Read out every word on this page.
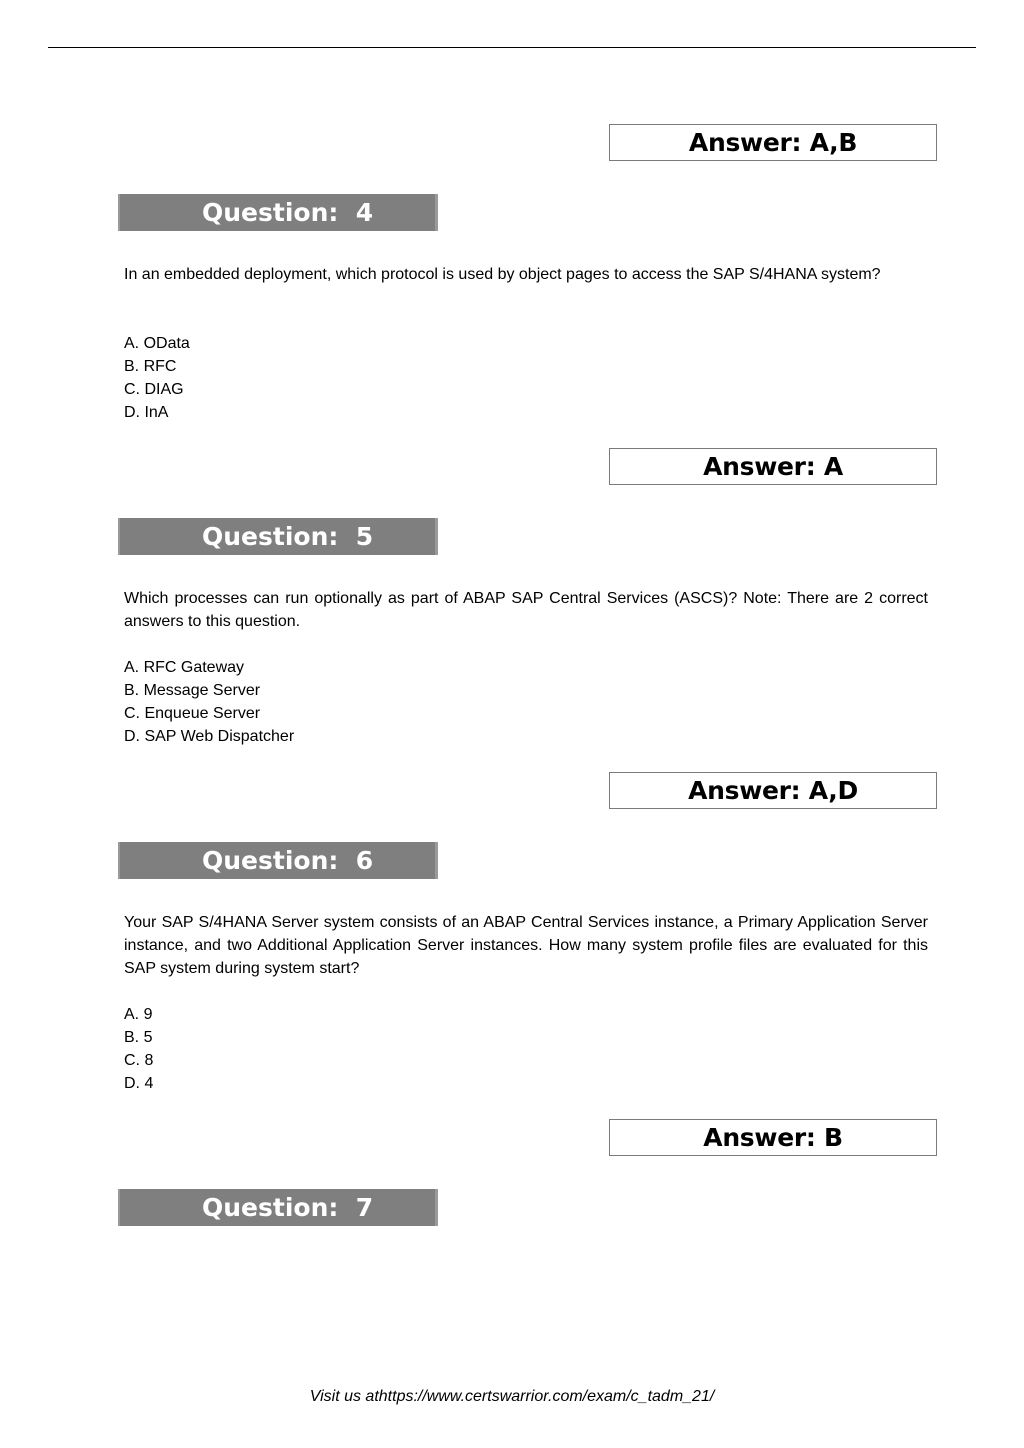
Answer: A,B
Question:  4

In an embedded deployment, which protocol is used by object pages to access the SAP S/4HANA system?

A. OData
B. RFC
C. DIAG
D. InA
Answer: A
Question:  5

Which processes can run optionally as part of ABAP SAP Central Services (ASCS)? Note: There are 2 correct answers to this question.

A. RFC Gateway
B. Message Server
C. Enqueue Server
D. SAP Web Dispatcher
Answer: A,D
Question:  6

Your SAP S/4HANA Server system consists of an ABAP Central Services instance, a Primary Application Server instance, and two Additional Application Server instances. How many system profile files are evaluated for this SAP system during system start?

A. 9
B. 5
C. 8
D. 4
Answer: B
Question:  7
Visit us athttps://www.certswarrior.com/exam/c_tadm_21/
